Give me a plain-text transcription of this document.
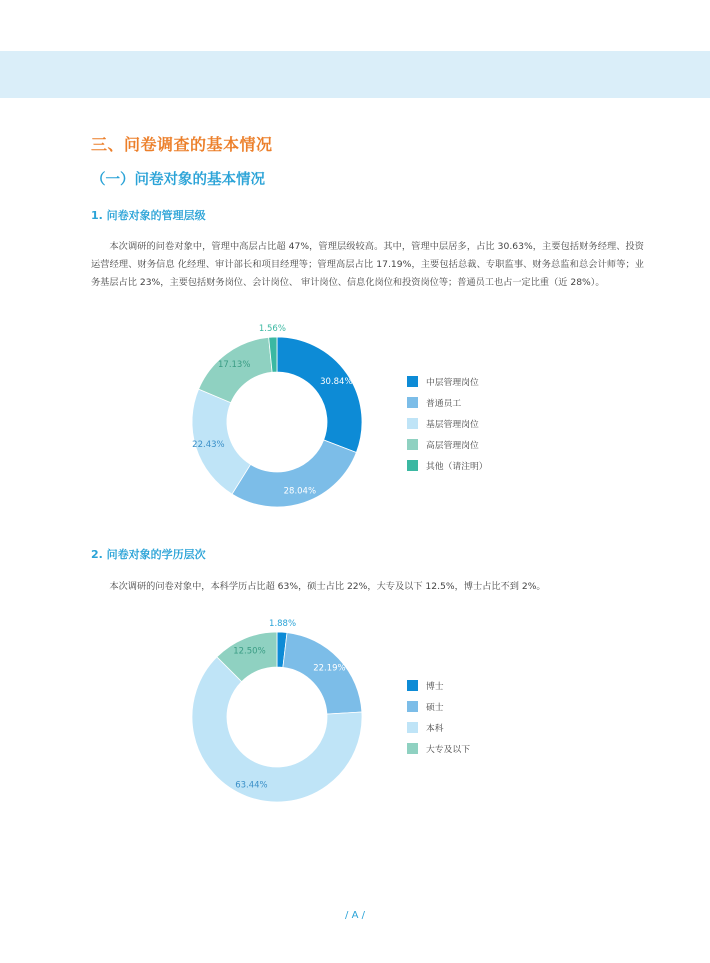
三、问卷调查的基本情况
（一）问卷对象的基本情况
1. 问卷对象的管理层级

本次调研的问卷对象中，管理中高层占比超 47%，管理层级较高。其中，管理中层居多，占比 30.63%，主要包括财务经理、投资运营经理、财务信息 化经理、审计部长和项目经理等；管理高层占比 17.19%，主要包括总裁、专职监事、财务总监和总会计师等；业务基层占比 23%，主要包括财务岗位、会计岗位、 审计岗位、信息化岗位和投资岗位等；普通员工也占一定比重（近 28%）。

30.84%
28.04%
22.43%
17.13%
1.56%
中层管理岗位
普通员工
基层管理岗位
高层管理岗位
其他（请注明）
2. 问卷对象的学历层次

本次调研的问卷对象中，本科学历占比超 63%，硕士占比 22%，大专及以下 12.5%，博士占比不到 2%。

1.88%
22.19%
63.44%
12.50%
博士
硕士
本科
大专及以下
/ A /
